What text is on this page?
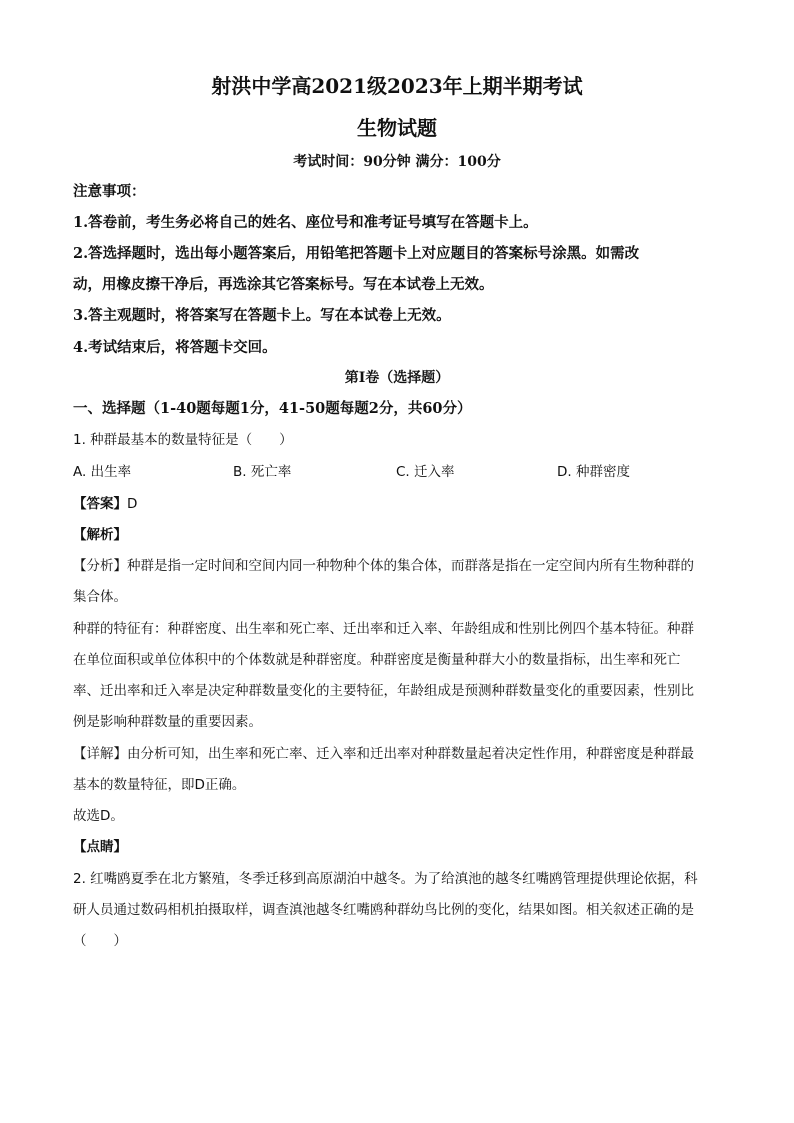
射洪中学高2021级2023年上期半期考试
生物试题
考试时间：90分钟 满分：100分
注意事项：
1.答卷前，考生务必将自己的姓名、座位号和准考证号填写在答题卡上。
2.答选择题时，选出每小题答案后，用铅笔把答题卡上对应题目的答案标号涂黑。如需改
动，用橡皮擦干净后，再选涂其它答案标号。写在本试卷上无效。
3.答主观题时，将答案写在答题卡上。写在本试卷上无效。
4.考试结束后，将答题卡交回。
第I卷（选择题）
一、选择题（1-40题每题1分，41-50题每题2分，共60分）
1. 种群最基本的数量特征是（　　）
A. 出生率	B. 死亡率	C. 迁入率	D. 种群密度
【答案】D
【解析】
【分析】种群是指一定时间和空间内同一种物种个体的集合体，而群落是指在一定空间内所有生物种群的
集合体。
种群的特征有：种群密度、出生率和死亡率、迁出率和迁入率、年龄组成和性别比例四个基本特征。种群
在单位面积或单位体积中的个体数就是种群密度。种群密度是衡量种群大小的数量指标，出生率和死亡
率、迁出率和迁入率是决定种群数量变化的主要特征，年龄组成是预测种群数量变化的重要因素，性别比
例是影响种群数量的重要因素。
【详解】由分析可知，出生率和死亡率、迁入率和迁出率对种群数量起着决定性作用，种群密度是种群最
基本的数量特征，即D正确。
故选D。
【点睛】
2. 红嘴鸥夏季在北方繁殖，冬季迁移到高原湖泊中越冬。为了给滇池的越冬红嘴鸥管理提供理论依据，科
研人员通过数码相机拍摄取样，调查滇池越冬红嘴鸥种群幼鸟比例的变化，结果如图。相关叙述正确的是
（　　）
